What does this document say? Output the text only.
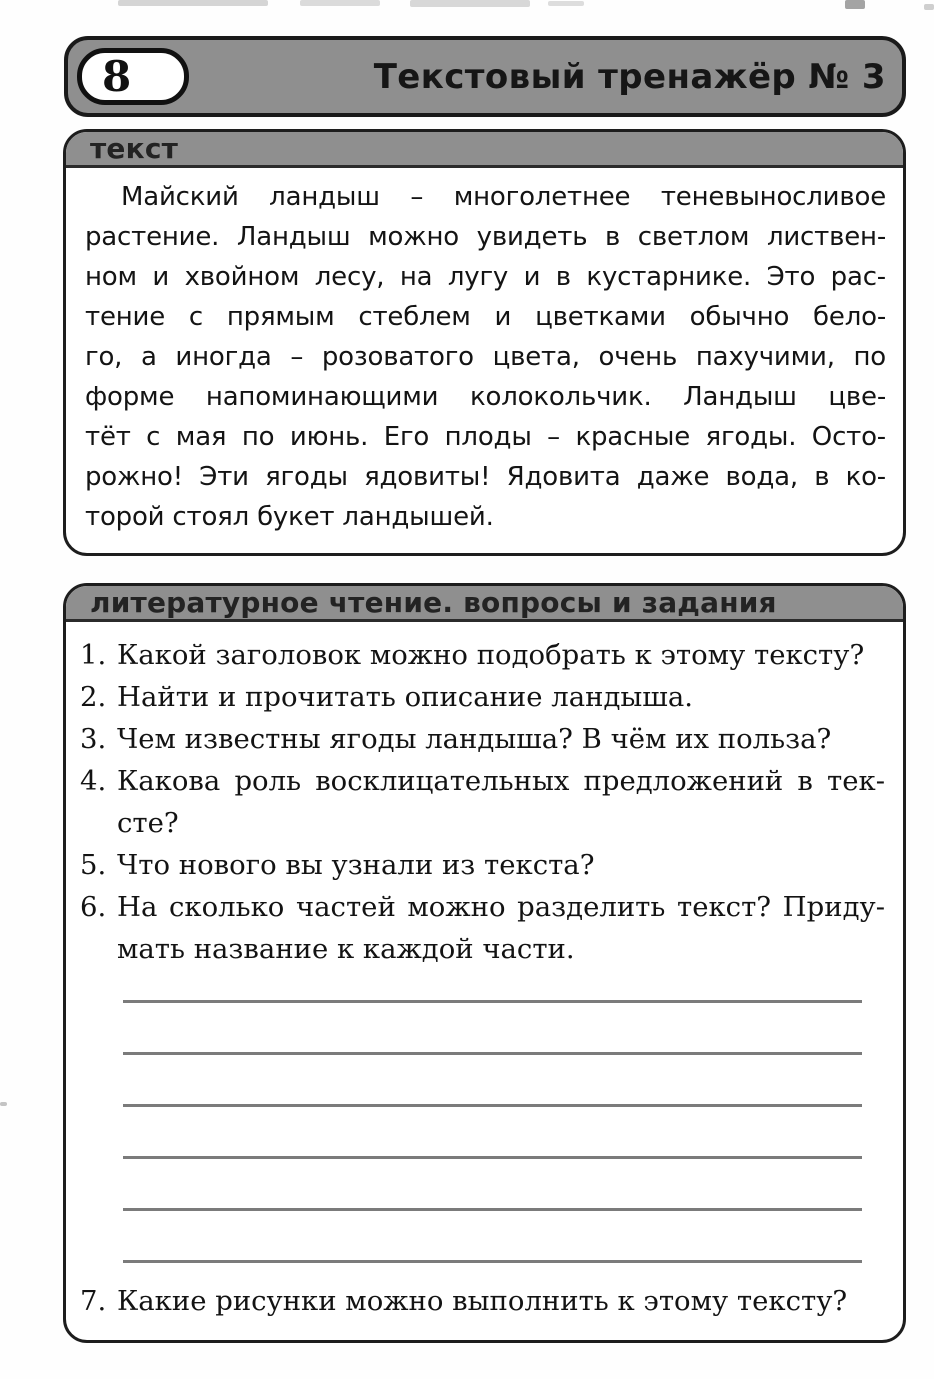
8	Текстовый тренажёр № 3
текст
Майский ландыш – многолетнее теневыносливое
растение. Ландыш можно увидеть в светлом листвен-
ном и хвойном лесу, на лугу и в кустарнике. Это рас-
тение с прямым стеблем и цветками обычно бело-
го, а иногда – розоватого цвета, очень пахучими, по
форме напоминающими колокольчик. Ландыш цве-
тёт с мая по июнь. Его плоды – красные ягоды. Осто-
рожно! Эти ягоды ядовиты! Ядовита даже вода, в ко-
торой стоял букет ландышей.
литературное чтение. вопросы и задания
1. Какой заголовок можно подобрать к этому тексту?
2. Найти и прочитать описание ландыша.
3. Чем известны ягоды ландыша? В чём их польза?
4. Какова роль восклицательных предложений в тек-
сте?
5. Что нового вы узнали из текста?
6. На сколько частей можно разделить текст? Приду-
мать название к каждой части.
7. Какие рисунки можно выполнить к этому тексту?
